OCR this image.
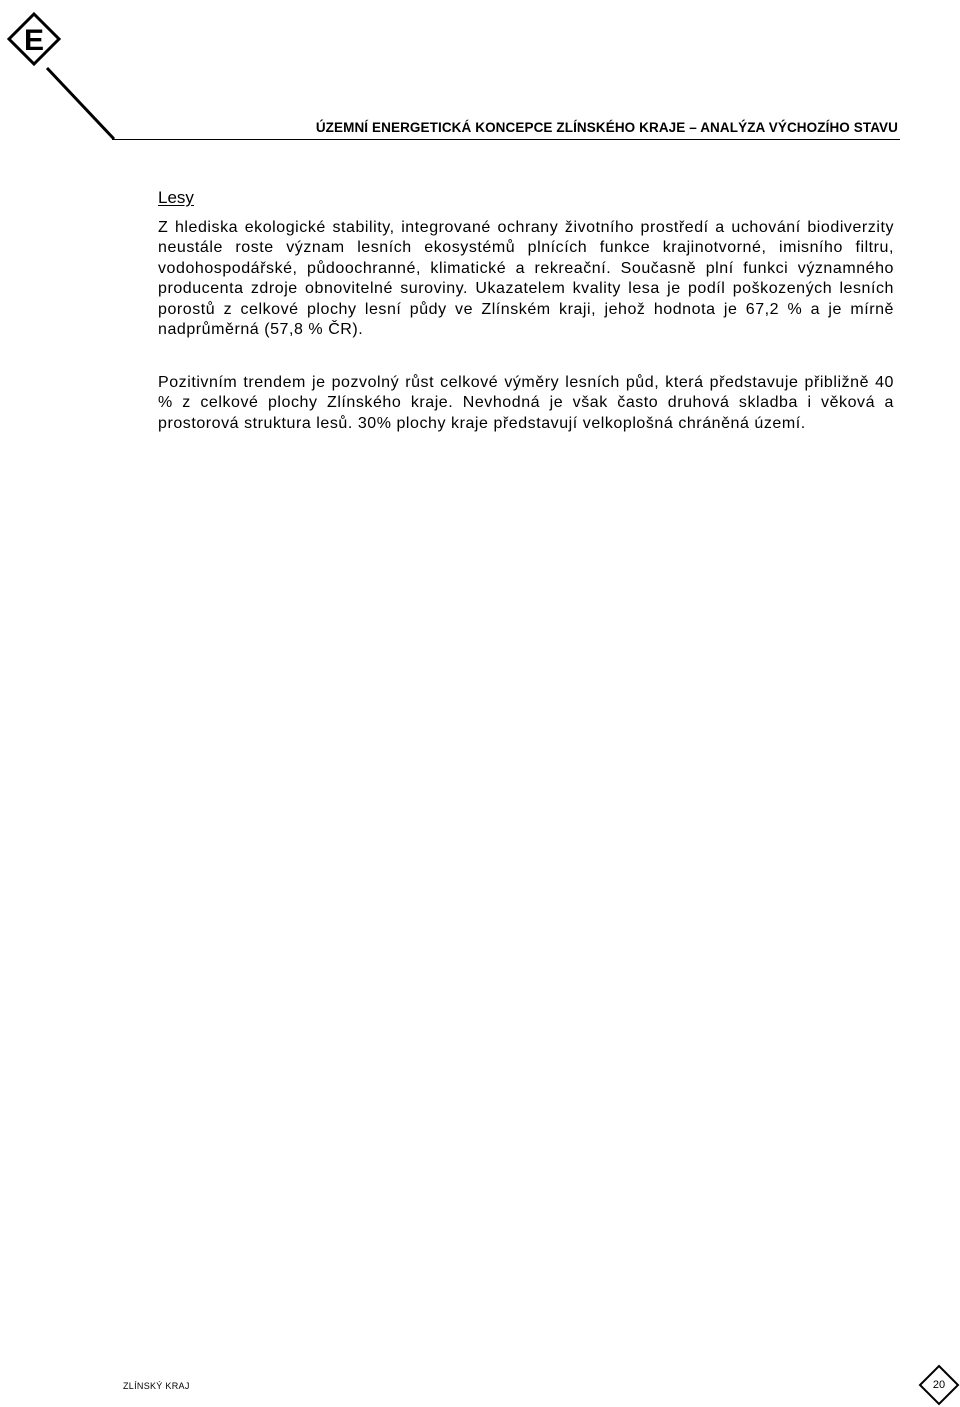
E
ÚZEMNÍ ENERGETICKÁ KONCEPCE ZLÍNSKÉHO KRAJE – ANALÝZA VÝCHOZÍHO STAVU
Lesy

Z hlediska ekologické stability, integrované ochrany životního prostředí a uchování biodiverzity neustále roste význam lesních ekosystémů plnících funkce krajinotvorné, imisního filtru, vodohospodářské, půdoochranné, klimatické a rekreační. Současně plní funkci významného producenta zdroje obnovitelné suroviny. Ukazatelem kvality lesa je podíl poškozených lesních porostů z celkové plochy lesní půdy ve Zlínském kraji, jehož hodnota je 67,2 % a je mírně nadprůměrná (57,8 % ČR).

Pozitivním trendem je pozvolný růst celkové výměry lesních půd, která představuje přibližně 40 % z celkové plochy Zlínského kraje. Nevhodná je však často druhová skladba i věková a prostorová struktura lesů. 30% plochy kraje představují velkoplošná chráněná území.

ZLÍNSKÝ KRAJ	20
